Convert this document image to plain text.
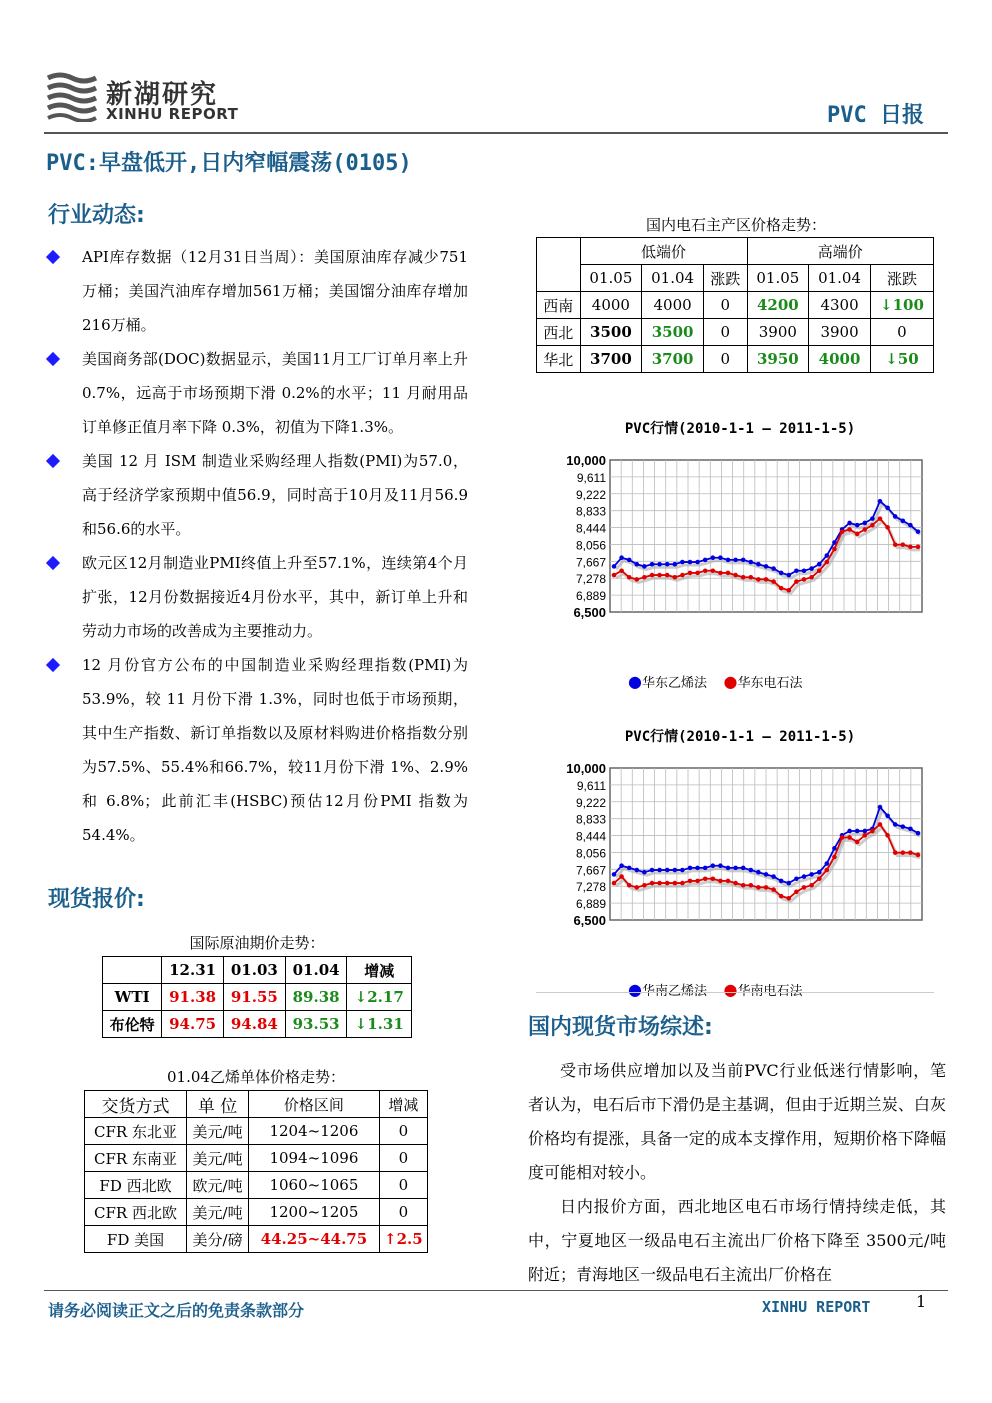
新湖研究
XINHU REPORT	PVC 日报
PVC:早盘低开,日内窄幅震荡(0105)
行业动态:
API库存数据（12月31日当周）：美国原油库存减少751万桶；美国汽油库存增加561万桶；美国馏分油库存增加216万桶。
美国商务部(DOC)数据显示，美国11月工厂订单月率上升 0.7%，远高于市场预期下滑 0.2%的水平；11 月耐用品订单修正值月率下降 0.3%，初值为下降1.3%。
美国 12 月 ISM 制造业采购经理人指数(PMI)为57.0，高于经济学家预期中值56.9，同时高于10月及11月56.9和56.6的水平。
欧元区12月制造业PMI终值上升至57.1%，连续第4个月扩张，12月份数据接近4月份水平，其中，新订单上升和劳动力市场的改善成为主要推动力。
12 月份官方公布的中国制造业采购经理指数(PMI)为 53.9%，较 11 月份下滑 1.3%，同时也低于市场预期，其中生产指数、新订单指数以及原材料购进价格指数分别为57.5%、55.4%和66.7%，较11月份下滑 1%、2.9%和 6.8%；此前汇丰(HSBC)预估12月份PMI 指数为54.4%。
现货报价:
国际原油期价走势：
	12.31	01.03	01.04	增减
WTI	91.38	91.55	89.38	↓2.17
布伦特	94.75	94.84	93.53	↓1.31
01.04乙烯单体价格走势：
交货方式	单 位	价格区间	增减
CFR 东北亚	美元/吨	1204~1206	0
CFR 东南亚	美元/吨	1094~1096	0
FD 西北欧	欧元/吨	1060~1065	0
CFR 西北欧	美元/吨	1200~1205	0
FD 美国	美分/磅	44.25~44.75	↑2.5
国内电石主产区价格走势：
	低端价			高端价		
	01.05	01.04	涨跌	01.05	01.04	涨跌
西南	4000	4000	0	4200	4300	↓100
西北	3500	3500	0	3900	3900	0
华北	3700	3700	0	3950	4000	↓50
PVC行情(2010-1-1 — 2011-1-5)
10,000
9,611
9,222
8,833
8,444
8,056
7,667
7,278
6,889
6,500
●华东乙烯法 ●华东电石法
PVC行情(2010-1-1 — 2011-1-5)
10,000
9,611
9,222
8,833
8,444
8,056
7,667
7,278
6,889
6,500
●华南乙烯法 ●华南电石法
国内现货市场综述:

受市场供应增加以及当前PVC行业低迷行情影响，笔者认为，电石后市下滑仍是主基调，但由于近期兰炭、白灰价格均有提涨，具备一定的成本支撑作用，短期价格下降幅度可能相对较小。

日内报价方面，西北地区电石市场行情持续走低，其中，宁夏地区一级品电石主流出厂价格下降至 3500元/吨附近；青海地区一级品电石主流出厂价格在

请务必阅读正文之后的免责条款部分	XINHU REPORT	1
